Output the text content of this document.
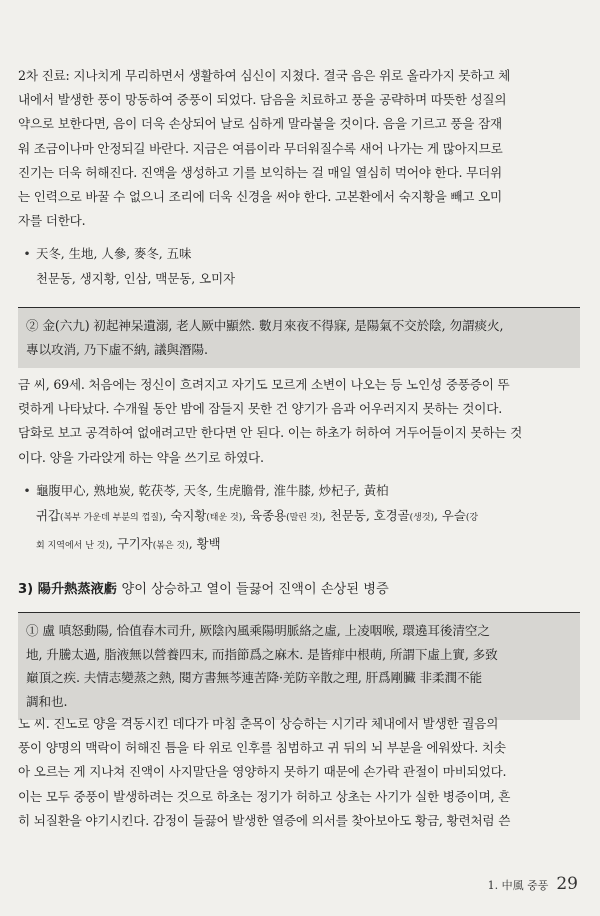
2차 진료: 지나치게 무리하면서 생활하여 심신이 지쳤다. 결국 음은 위로 올라가지 못하고 체
내에서 발생한 풍이 망동하여 중풍이 되었다. 담음을 치료하고 풍을 공략하며 따뜻한 성질의
약으로 보한다면, 음이 더욱 손상되어 날로 심하게 말라붙을 것이다. 음을 기르고 풍을 잠재
워 조금이나마 안정되길 바란다. 지금은 여름이라 무더워질수록 새어 나가는 게 많아지므로
진기는 더욱 허해진다. 진액을 생성하고 기를 보익하는 걸 매일 열심히 먹어야 한다. 무더위
는 인력으로 바꿀 수 없으니 조리에 더욱 신경을 써야 한다. 고본환에서 숙지황을 빼고 오미
자를 더한다.
• 天冬, 生地, 人參, 麥冬, 五味
천문동, 생지황, 인삼, 맥문동, 오미자
② 金(六九) 初起神呆遺溺, 老人厥中顯然. 數月來夜不得寐, 是陽氣不交於陰, 勿謂痰火,
專以攻消, 乃下虛不納, 議與潛陽.
금 씨, 69세. 처음에는 정신이 흐려지고 자기도 모르게 소변이 나오는 등 노인성 중풍증이 뚜
렷하게 나타났다. 수개월 동안 밤에 잠들지 못한 건 양기가 음과 어우러지지 못하는 것이다.
담화로 보고 공격하여 없애려고만 한다면 안 된다. 이는 하초가 허하여 거두어들이지 못하는 것
이다. 양을 가라앉게 하는 약을 쓰기로 하였다.
• 龜腹甲心, 熟地炭, 乾茯苓, 天冬, 生虎膽骨, 淮牛膝, 炒杞子, 黃柏
귀갑(복부 가운데 부분의 껍질), 숙지황(태운 것), 육종용(말린 것), 천문동, 호경골(생것), 우슬(강
회 지역에서 난 것), 구기자(볶은 것), 황백
3) 陽升熱蒸液虧 양이 상승하고 열이 들끓어 진액이 손상된 병증
① 盧 嗔怒動陽, 恰值春木司升, 厥陰內風乘陽明脈絡之虛, 上凌咽喉, 環遶耳後清空之
地, 升騰太過, 脂液無以營養四末, 而指節爲之麻木. 是皆痱中根萌, 所謂下虛上實, 多致
巔頂之疾. 夫情志變蒸之熱, 閱方書無芩連苦降·羌防辛散之理, 肝爲剛臟 非柔潤不能
調和也.
노 씨. 진노로 양을 격동시킨 데다가 마침 춘목이 상승하는 시기라 체내에서 발생한 궐음의
풍이 양명의 맥락이 허해진 틈을 타 위로 인후를 침범하고 귀 뒤의 뇌 부분을 에워쌌다. 치솟
아 오르는 게 지나쳐 진액이 사지말단을 영양하지 못하기 때문에 손가락 관절이 마비되었다.
이는 모두 중풍이 발생하려는 것으로 하초는 정기가 허하고 상초는 사기가 실한 병증이며, 흔
히 뇌질환을 야기시킨다. 감정이 들끓어 발생한 열증에 의서를 찾아보아도 황금, 황련처럼 쓴
1. 中風 중풍 29
